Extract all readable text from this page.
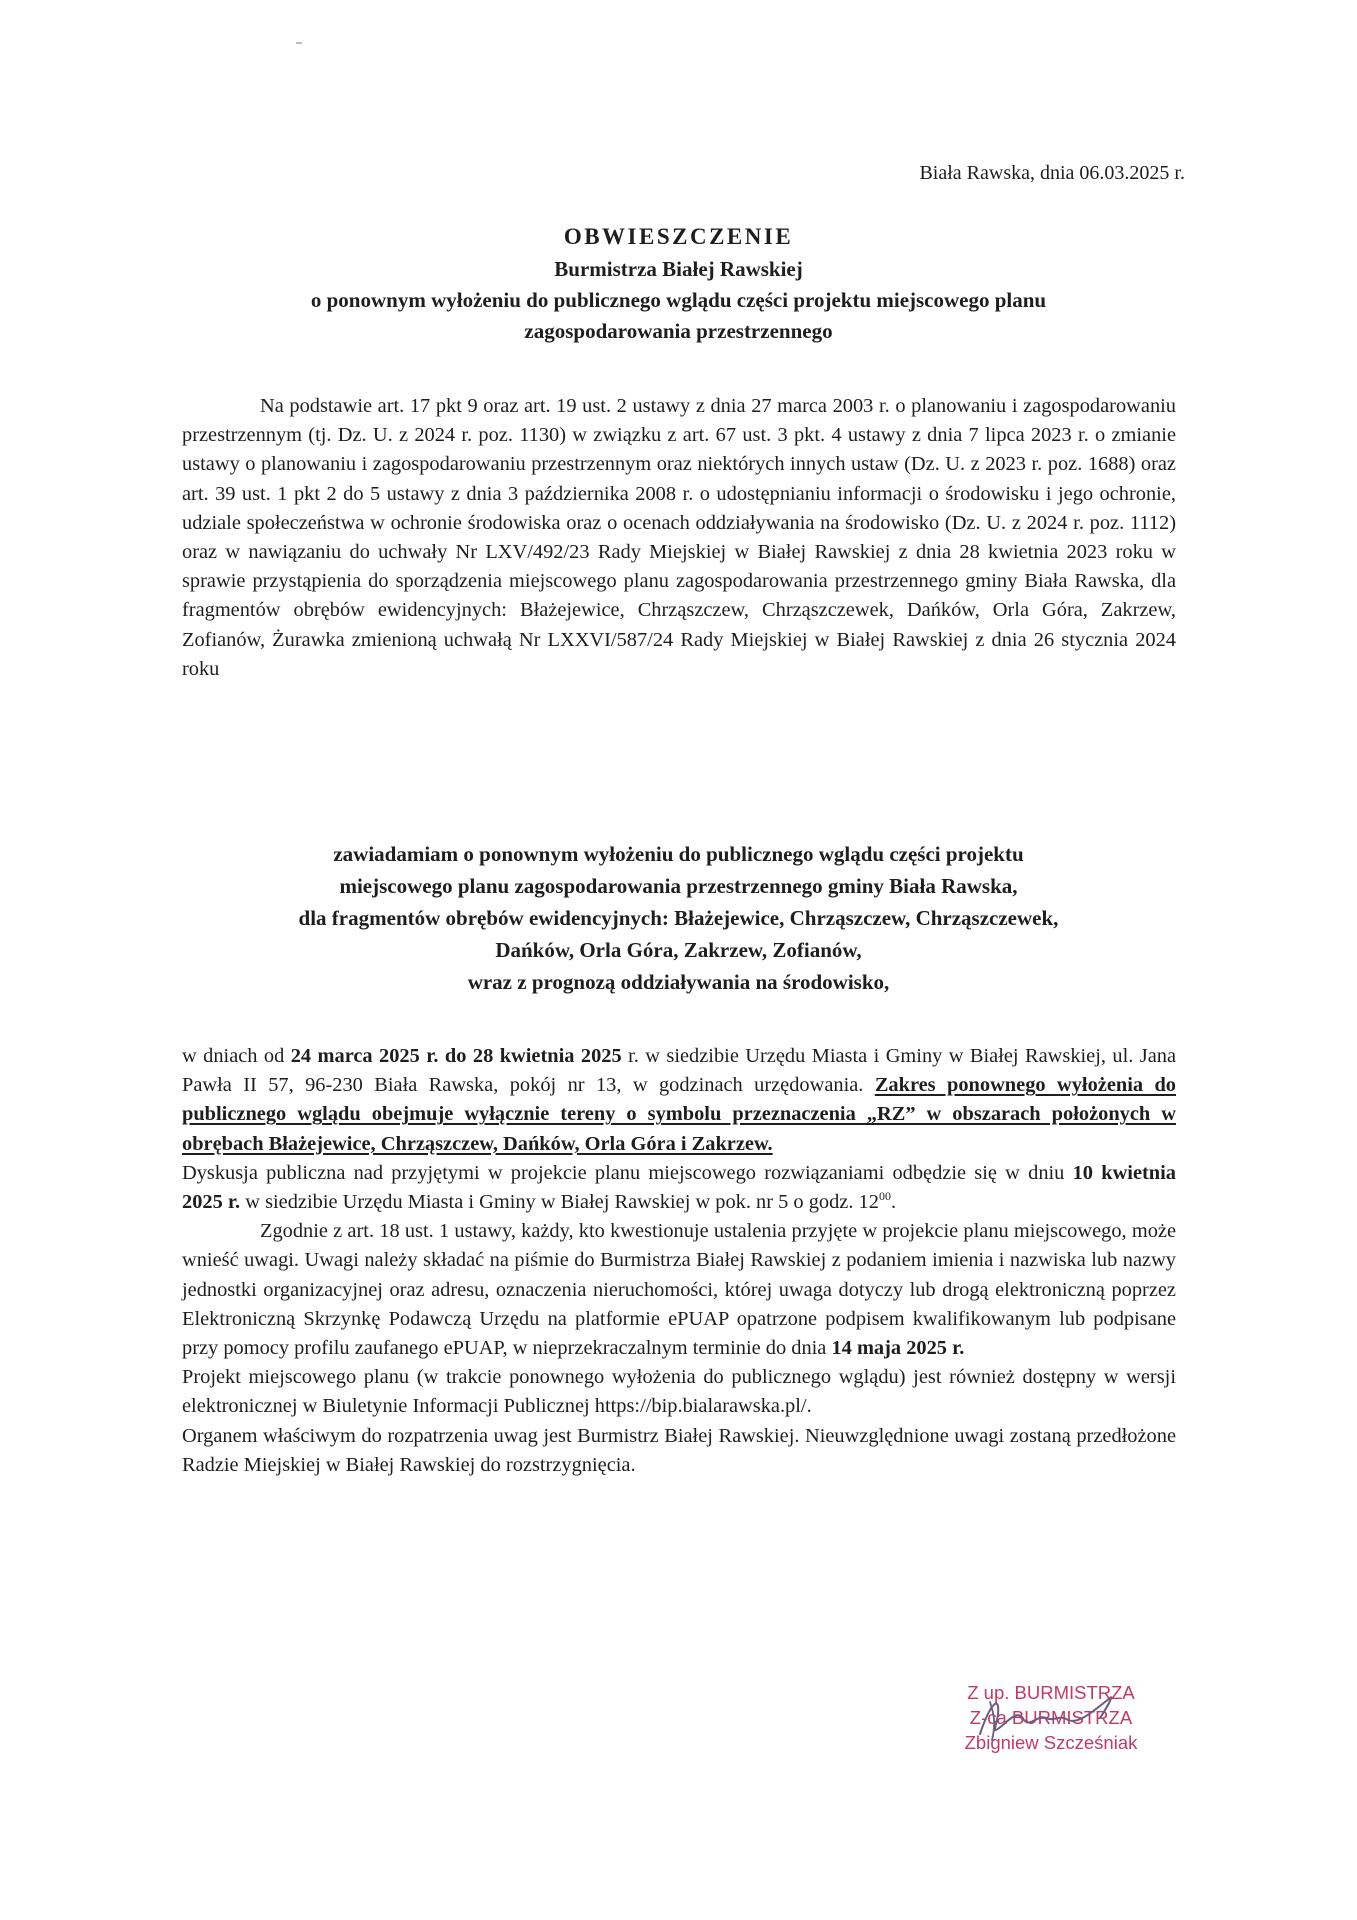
Biała Rawska, dnia 06.03.2025 r.
OBWIESZCZENIE
Burmistrza Białej Rawskiej
o ponownym wyłożeniu do publicznego wglądu części projektu miejscowego planu
zagospodarowania przestrzennego
Na podstawie art. 17 pkt 9 oraz art. 19 ust. 2 ustawy z dnia 27 marca 2003 r. o planowaniu i zagospodarowaniu przestrzennym (tj. Dz. U. z 2024 r. poz. 1130) w związku z art. 67 ust. 3 pkt. 4 ustawy z dnia 7 lipca 2023 r. o zmianie ustawy o planowaniu i zagospodarowaniu przestrzennym oraz niektórych innych ustaw (Dz. U. z 2023 r. poz. 1688) oraz art. 39 ust. 1 pkt 2 do 5 ustawy z dnia 3 października 2008 r. o udostępnianiu informacji o środowisku i jego ochronie, udziale społeczeństwa w ochronie środowiska oraz o ocenach oddziaływania na środowisko (Dz. U. z 2024 r. poz. 1112) oraz w nawiązaniu do uchwały Nr LXV/492/23 Rady Miejskiej w Białej Rawskiej z dnia 28 kwietnia 2023 roku w sprawie przystąpienia do sporządzenia miejscowego planu zagospodarowania przestrzennego gminy Biała Rawska, dla fragmentów obrębów ewidencyjnych: Błażejewice, Chrząszczew, Chrząszczewek, Dańków, Orla Góra, Zakrzew, Zofianów, Żurawka zmienioną uchwałą Nr LXXVI/587/24 Rady Miejskiej w Białej Rawskiej z dnia 26 stycznia 2024 roku
zawiadamiam o ponownym wyłożeniu do publicznego wglądu części projektu
miejscowego planu zagospodarowania przestrzennego gminy Biała Rawska,
dla fragmentów obrębów ewidencyjnych: Błażejewice, Chrząszczew, Chrząszczewek,
Dańków, Orla Góra, Zakrzew, Zofianów,
wraz z prognozą oddziaływania na środowisko,

w dniach od 24 marca 2025 r. do 28 kwietnia 2025 r. w siedzibie Urzędu Miasta i Gminy w Białej Rawskiej, ul. Jana Pawła II 57, 96-230 Biała Rawska, pokój nr 13, w godzinach urzędowania. Zakres ponownego wyłożenia do publicznego wglądu obejmuje wyłącznie tereny o symbolu przeznaczenia „RZ” w obszarach położonych w obrębach Błażejewice, Chrząszczew, Dańków, Orla Góra i Zakrzew.

Dyskusja publiczna nad przyjętymi w projekcie planu miejscowego rozwiązaniami odbędzie się w dniu 10 kwietnia 2025 r. w siedzibie Urzędu Miasta i Gminy w Białej Rawskiej w pok. nr 5 o godz. $12^{00}$.

Zgodnie z art. 18 ust. 1 ustawy, każdy, kto kwestionuje ustalenia przyjęte w projekcie planu miejscowego, może wnieść uwagi. Uwagi należy składać na piśmie do Burmistrza Białej Rawskiej z podaniem imienia i nazwiska lub nazwy jednostki organizacyjnej oraz adresu, oznaczenia nieruchomości, której uwaga dotyczy lub drogą elektroniczną poprzez Elektroniczną Skrzynkę Podawczą Urzędu na platformie ePUAP opatrzone podpisem kwalifikowanym lub podpisane przy pomocy profilu zaufanego ePUAP, w nieprzekraczalnym terminie do dnia 14 maja 2025 r.

Projekt miejscowego planu (w trakcie ponownego wyłożenia do publicznego wglądu) jest również dostępny w wersji elektronicznej w Biuletynie Informacji Publicznej https://bip.bialarawska.pl/.

Organem właściwym do rozpatrzenia uwag jest Burmistrz Białej Rawskiej. Nieuwzględnione uwagi zostaną przedłożone Radzie Miejskiej w Białej Rawskiej do rozstrzygnięcia.

Z up. BURMISTRZA
Z-ca BURMISTRZA
Zbigniew Szcześniak
